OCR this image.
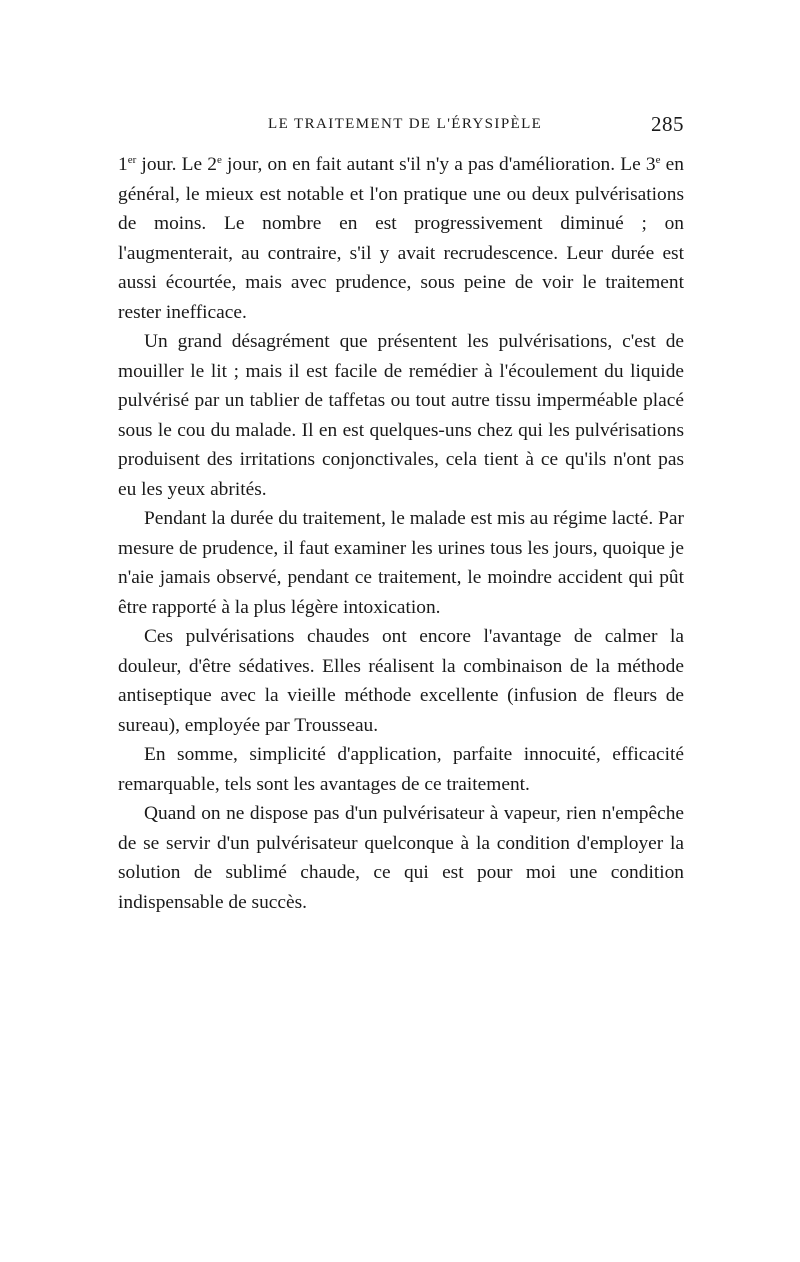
LE TRAITEMENT DE L'ÉRYSIPÈLE	285

1er jour. Le 2e jour, on en fait autant s'il n'y a pas d'amélioration. Le 3e en général, le mieux est notable et l'on pratique une ou deux pulvérisations de moins. Le nombre en est progressivement diminué ; on l'augmenterait, au contraire, s'il y avait recrudescence. Leur durée est aussi écourtée, mais avec prudence, sous peine de voir le traitement rester inefficace.

Un grand désagrément que présentent les pulvérisations, c'est de mouiller le lit ; mais il est facile de remédier à l'écoulement du liquide pulvérisé par un tablier de taffetas ou tout autre tissu imperméable placé sous le cou du malade. Il en est quelques-uns chez qui les pulvérisations produisent des irritations conjonctivales, cela tient à ce qu'ils n'ont pas eu les yeux abrités.

Pendant la durée du traitement, le malade est mis au régime lacté. Par mesure de prudence, il faut examiner les urines tous les jours, quoique je n'aie jamais observé, pendant ce traitement, le moindre accident qui pût être rapporté à la plus légère intoxication.

Ces pulvérisations chaudes ont encore l'avantage de calmer la douleur, d'être sédatives. Elles réalisent la combinaison de la méthode antiseptique avec la vieille méthode excellente (infusion de fleurs de sureau), employée par Trousseau.

En somme, simplicité d'application, parfaite innocuité, efficacité remarquable, tels sont les avantages de ce traitement.

Quand on ne dispose pas d'un pulvérisateur à vapeur, rien n'empêche de se servir d'un pulvérisateur quelconque à la condition d'employer la solution de sublimé chaude, ce qui est pour moi une condition indispensable de succès.
